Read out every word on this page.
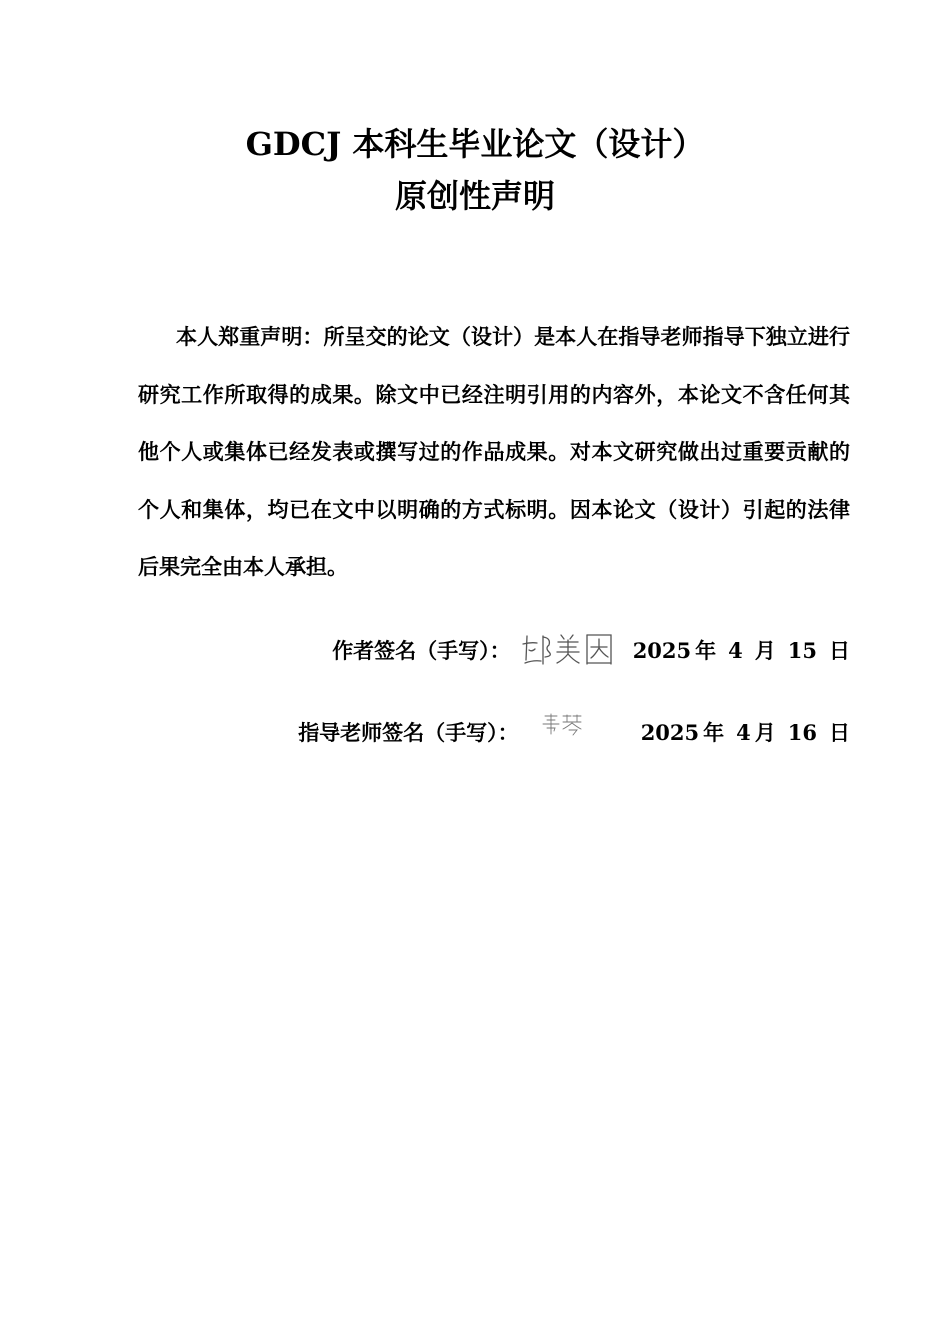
GDCJ 本科生毕业论文（设计）
原创性声明

本人郑重声明：所呈交的论文（设计）是本人在指导老师指导下独立进行研究工作所取得的成果。除文中已经注明引用的内容外，本论文不含任何其他个人或集体已经发表或撰写过的作品成果。对本文研究做出过重要贡献的个人和集体，均已在文中以明确的方式标明。因本论文（设计）引起的法律后果完全由本人承担。

作者签名（手写）：	2025 年 4 月 15 日
指导老师签名（手写）：	2025 年 4 月 16 日
